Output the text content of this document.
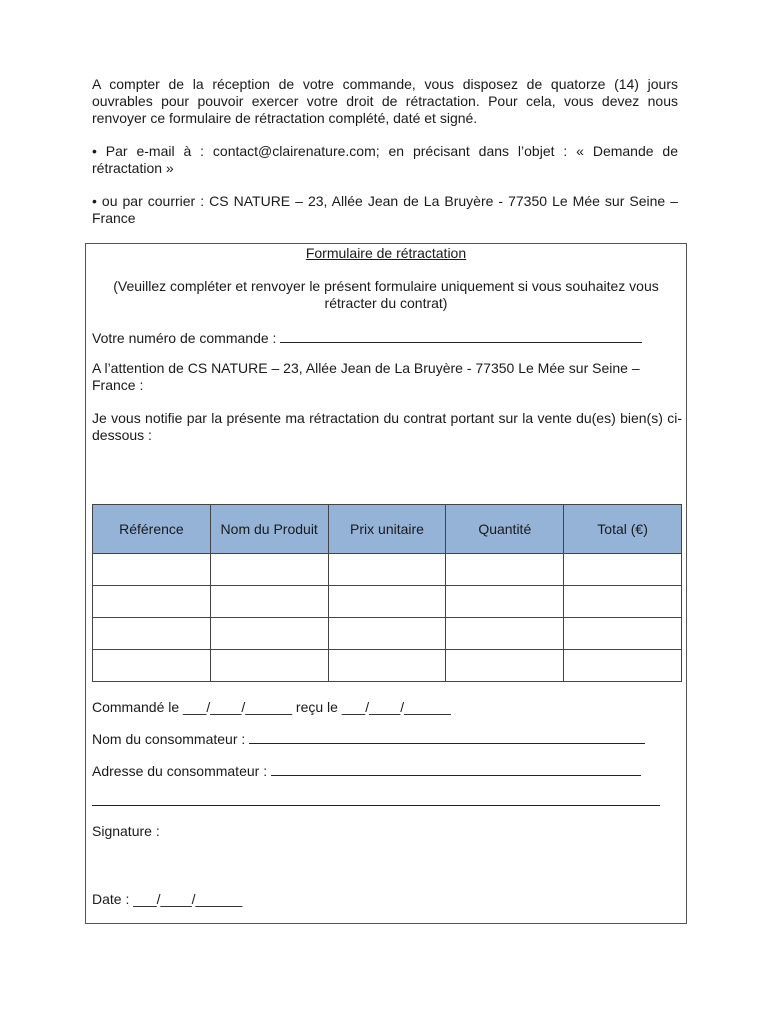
A compter de la réception de votre commande, vous disposez de quatorze (14) jours ouvrables pour pouvoir exercer votre droit de rétractation. Pour cela, vous devez nous renvoyer ce formulaire de rétractation complété, daté et signé.

• Par e-mail à : contact@clairenature.com; en précisant dans l’objet : « Demande de rétractation »

• ou par courrier : CS NATURE – 23, Allée Jean de La Bruyère - 77350 Le Mée sur Seine – France

Formulaire de rétractation
(Veuillez compléter et renvoyer le présent formulaire uniquement si vous souhaitez vous rétracter du contrat)
Votre numéro de commande :
A l’attention de CS NATURE – 23, Allée Jean de La Bruyère - 77350 Le Mée sur Seine – France :
Je vous notifie par la présente ma rétractation du contrat portant sur la vente du(es) bien(s) ci-dessous :
Référence	Nom du Produit	Prix unitaire	Quantité	Total (€)

Commandé le ___/____/______ reçu le ___/____/______
Nom du consommateur :
Adresse du consommateur :
Signature :
Date : ___/____/______
